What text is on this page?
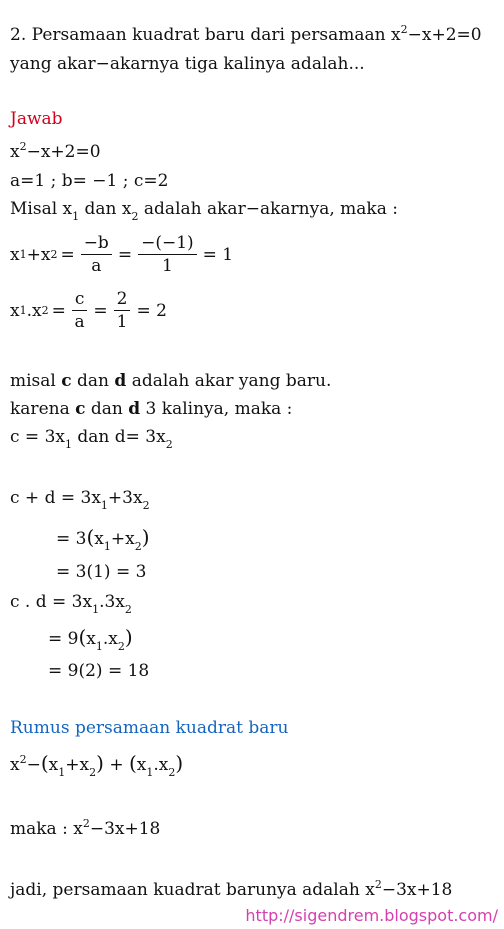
2. Persamaan kuadrat baru dari persamaan $x^2-x+2=0$
yang akar−akarnya tiga kalinya adalah...
Jawab
$x^2-x+2=0$
a=1 ; b= −1 ; c=2
Misal $x_1$ dan $x_2$ adalah akar−akarnya, maka :
x 1 +x $2 = \frac{-b}{a} = \frac{-(-1)}{1} = 1$
x 1 .x $2 = \frac{c}{a} = \frac{2}{1} = 2$
misal c dan d adalah akar yang baru.
karena c dan d 3 kalinya, maka :
$c = 3x_1$ dan $d= 3x_2$
$c + d = 3x_1+3x_2$
= $3(x_1+x_2)$
= 3(1) = 3
c . $d = 3x_1.3x_2$
= $9(x_1.x_2)$
= 9(2) = 18
Rumus persamaan kuadrat baru
$x^2-(x_1+x_2) + (x_1.x_2)$
maka : $x^2-3x+18$
jadi, persamaan kuadrat barunya adalah $x^2-3x+18$
http://sigendrem.blogspot.com/
